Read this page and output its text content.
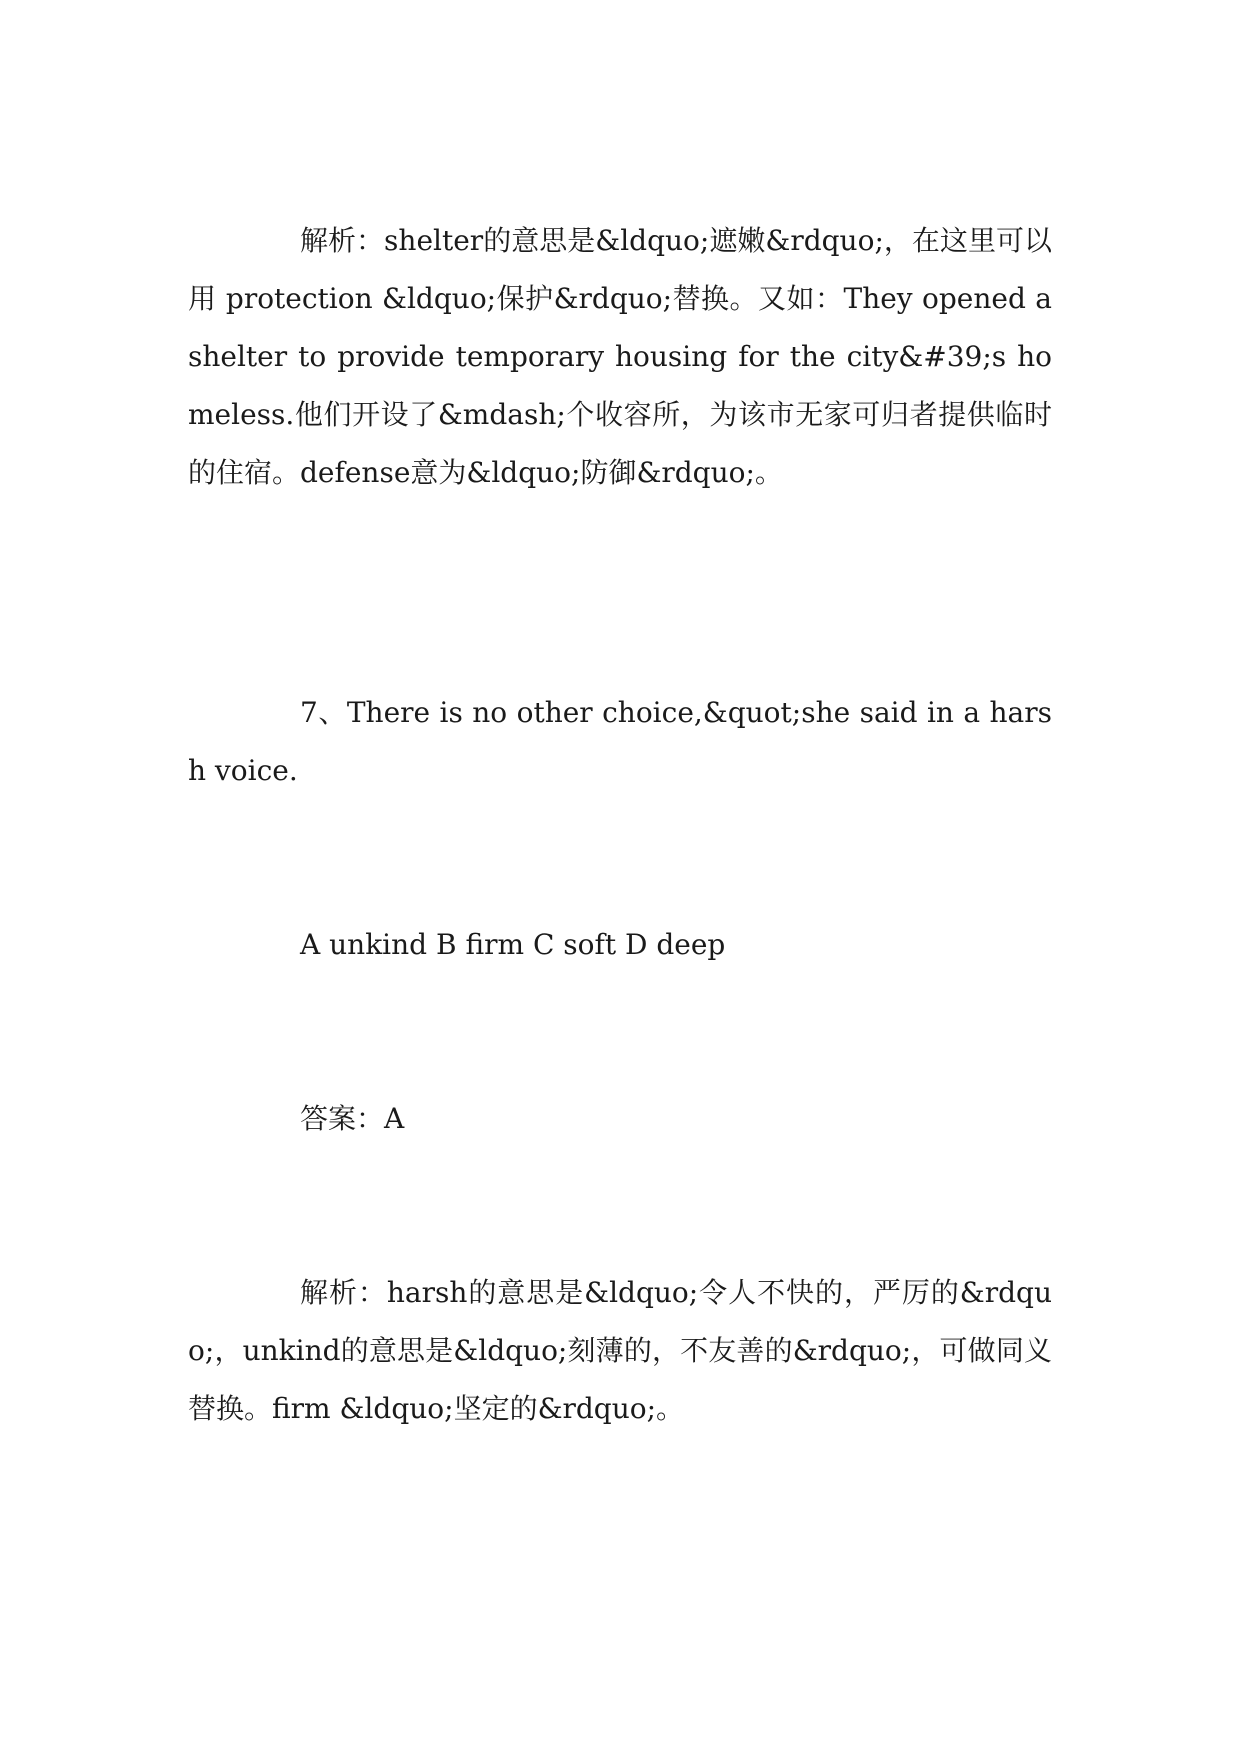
解析：shelter的意思是&ldquo;遮嫩&rdquo;，在这里可以用 protection &ldquo;保护&rdquo;替换。又如：They opened a shelter to provide temporary housing for the city&#39;s homeless.他们开设了&mdash;个收容所，为该市无家可归者提供临时的住宿。defense意为&ldquo;防御&rdquo;。

7、There is no other choice,&quot;she said in a harsh voice.

A unkind B firm C soft D deep

答案：A

解析：harsh的意思是&ldquo;令人不快的，严厉的&rdquo;，unkind的意思是&ldquo;刻薄的，不友善的&rdquo;，可做同义替换。firm &ldquo;坚定的&rdquo;。
